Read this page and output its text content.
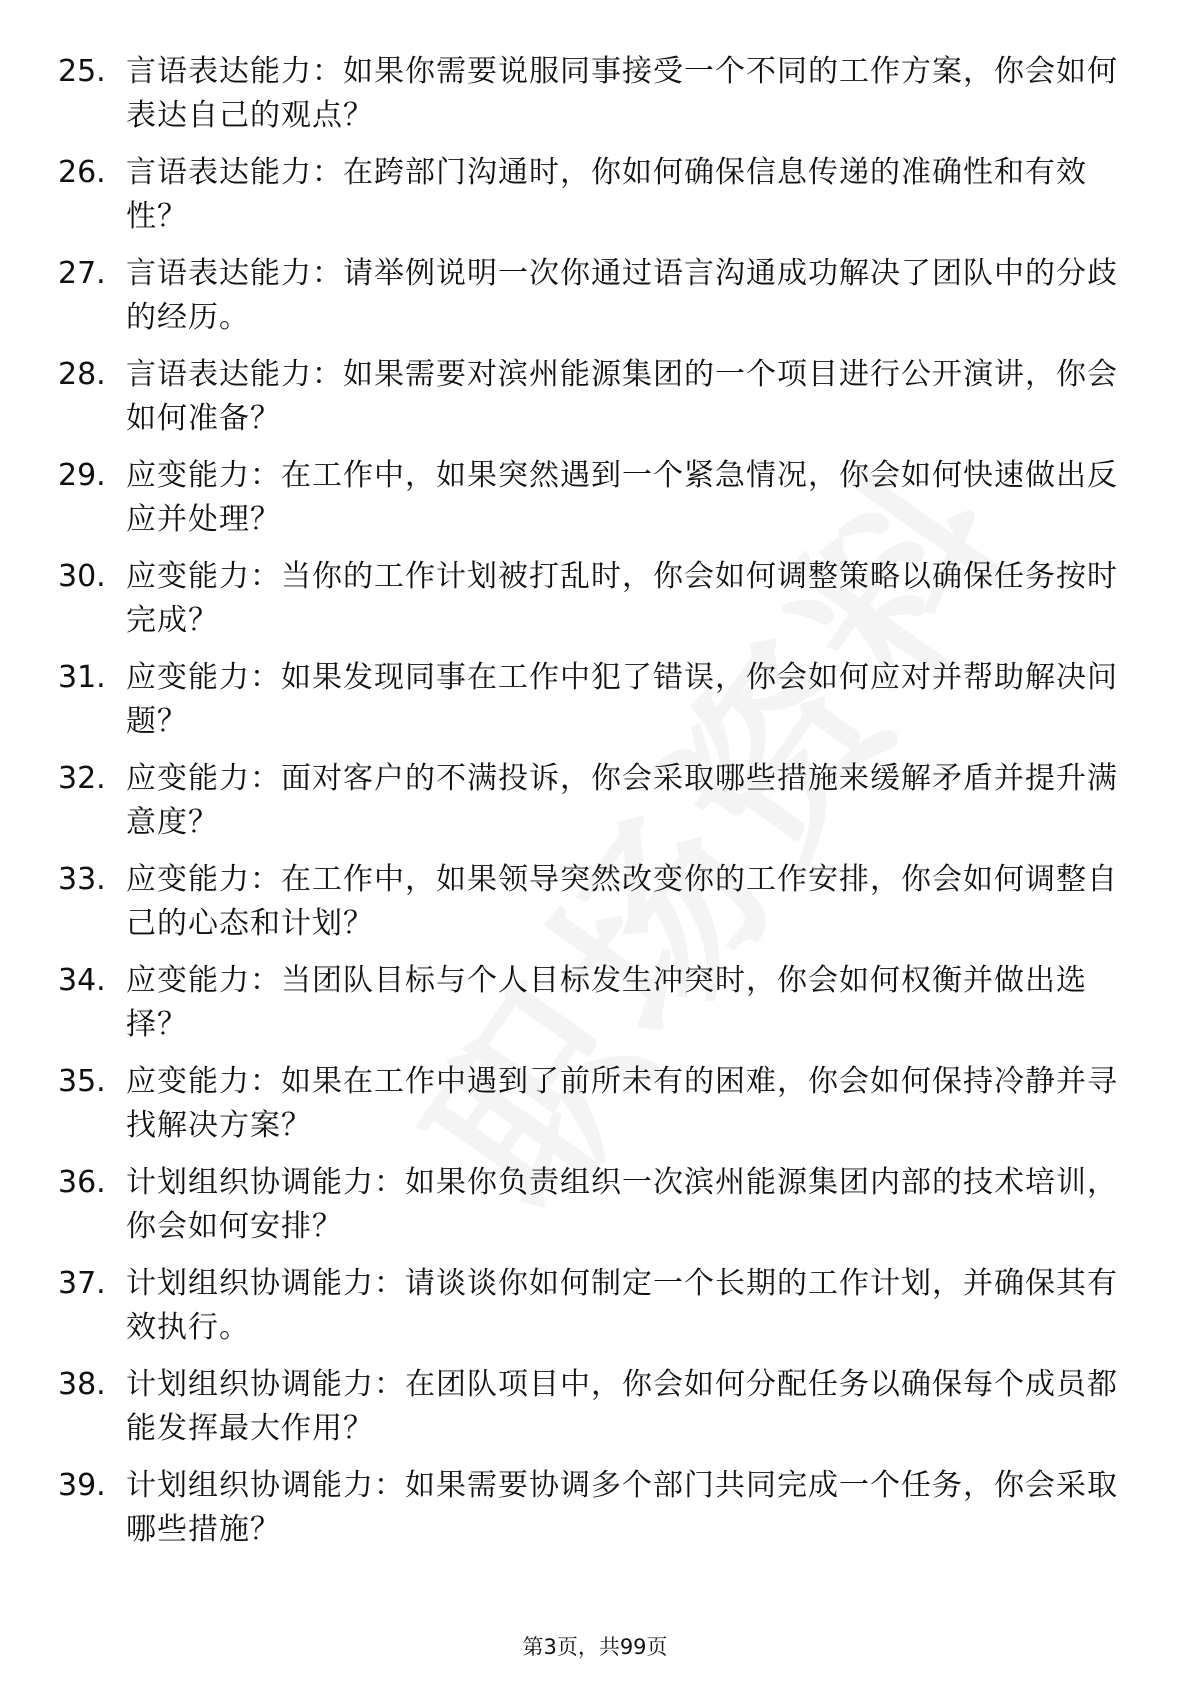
25. 言语表达能力：如果你需要说服同事接受一个不同的工作方案，你会如何表达自己的观点？
26. 言语表达能力：在跨部门沟通时，你如何确保信息传递的准确性和有效性？
27. 言语表达能力：请举例说明一次你通过语言沟通成功解决了团队中的分歧的经历。
28. 言语表达能力：如果需要对滨州能源集团的一个项目进行公开演讲，你会如何准备？
29. 应变能力：在工作中，如果突然遇到一个紧急情况，你会如何快速做出反应并处理？
30. 应变能力：当你的工作计划被打乱时，你会如何调整策略以确保任务按时完成？
31. 应变能力：如果发现同事在工作中犯了错误，你会如何应对并帮助解决问题？
32. 应变能力：面对客户的不满投诉，你会采取哪些措施来缓解矛盾并提升满意度？
33. 应变能力：在工作中，如果领导突然改变你的工作安排，你会如何调整自己的心态和计划？
34. 应变能力：当团队目标与个人目标发生冲突时，你会如何权衡并做出选择？
35. 应变能力：如果在工作中遇到了前所未有的困难，你会如何保持冷静并寻找解决方案？
36. 计划组织协调能力：如果你负责组织一次滨州能源集团内部的技术培训，你会如何安排？
37. 计划组织协调能力：请谈谈你如何制定一个长期的工作计划，并确保其有效执行。
38. 计划组织协调能力：在团队项目中，你会如何分配任务以确保每个成员都能发挥最大作用？
39. 计划组织协调能力：如果需要协调多个部门共同完成一个任务，你会采取哪些措施？
第3页，共99页
